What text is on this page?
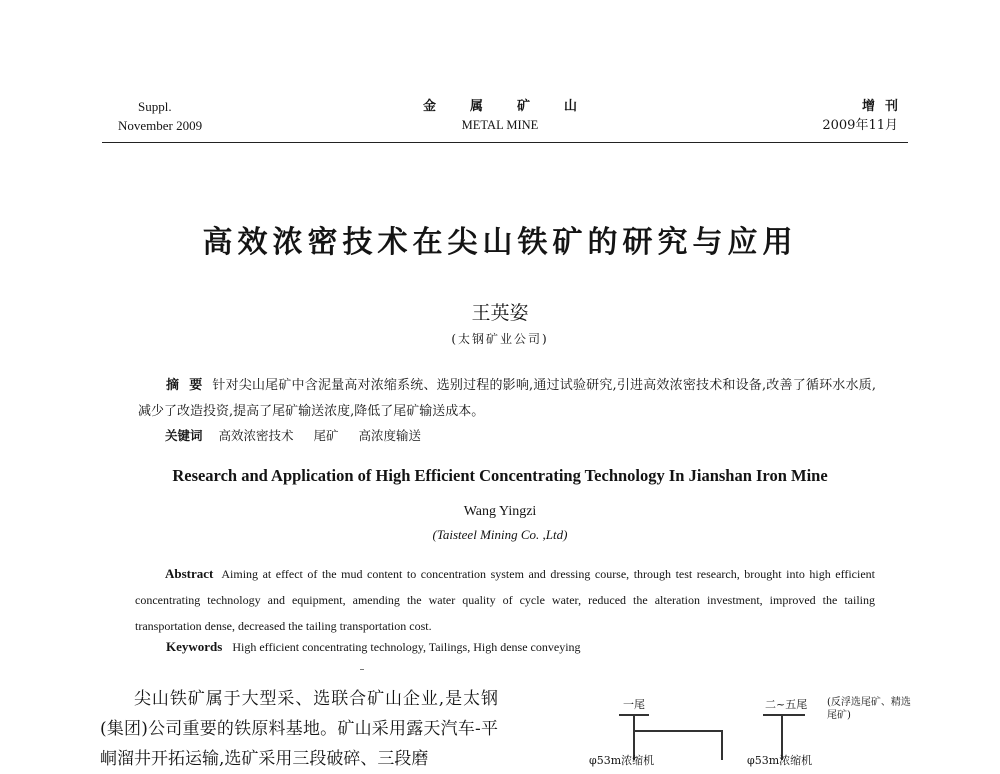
Suppl.
November 2009
金属矿山
METAL MINE
增刊
2009年11月
高效浓密技术在尖山铁矿的研究与应用
王英姿
(太钢矿业公司)
摘要针对尖山尾矿中含泥量高对浓缩系统、选别过程的影响,通过试验研究,引进高效浓密技术和设备,改善了循环水水质,减少了改造投资,提高了尾矿输送浓度,降低了尾矿输送成本。
关键词 高效浓密技术 尾矿 高浓度输送
Research and Application of High Efficient Concentrating Technology In Jianshan Iron Mine
Wang Yingzi
(Taisteel Mining Co. ,Ltd)
Abstract Aiming at effect of the mud content to concentration system and dressing course, through test research, brought into high efficient concentrating technology and equipment, amending the water quality of cycle water, reduced the alteration investment, improved the tailing transportation dense, decreased the tailing transportation cost.
Keywords High efficient concentrating technology, Tailings, High dense conveying
尖山铁矿属于大型采、选联合矿山企业,是太钢(集团)公司重要的铁原料基地。矿山采用露天汽车-平峒溜井开拓运输,选矿采用三段破碎、三段磨
一尾	二~五尾 (反浮选尾矿、精选尾矿)
φ53m浓缩机	φ53m浓缩机
